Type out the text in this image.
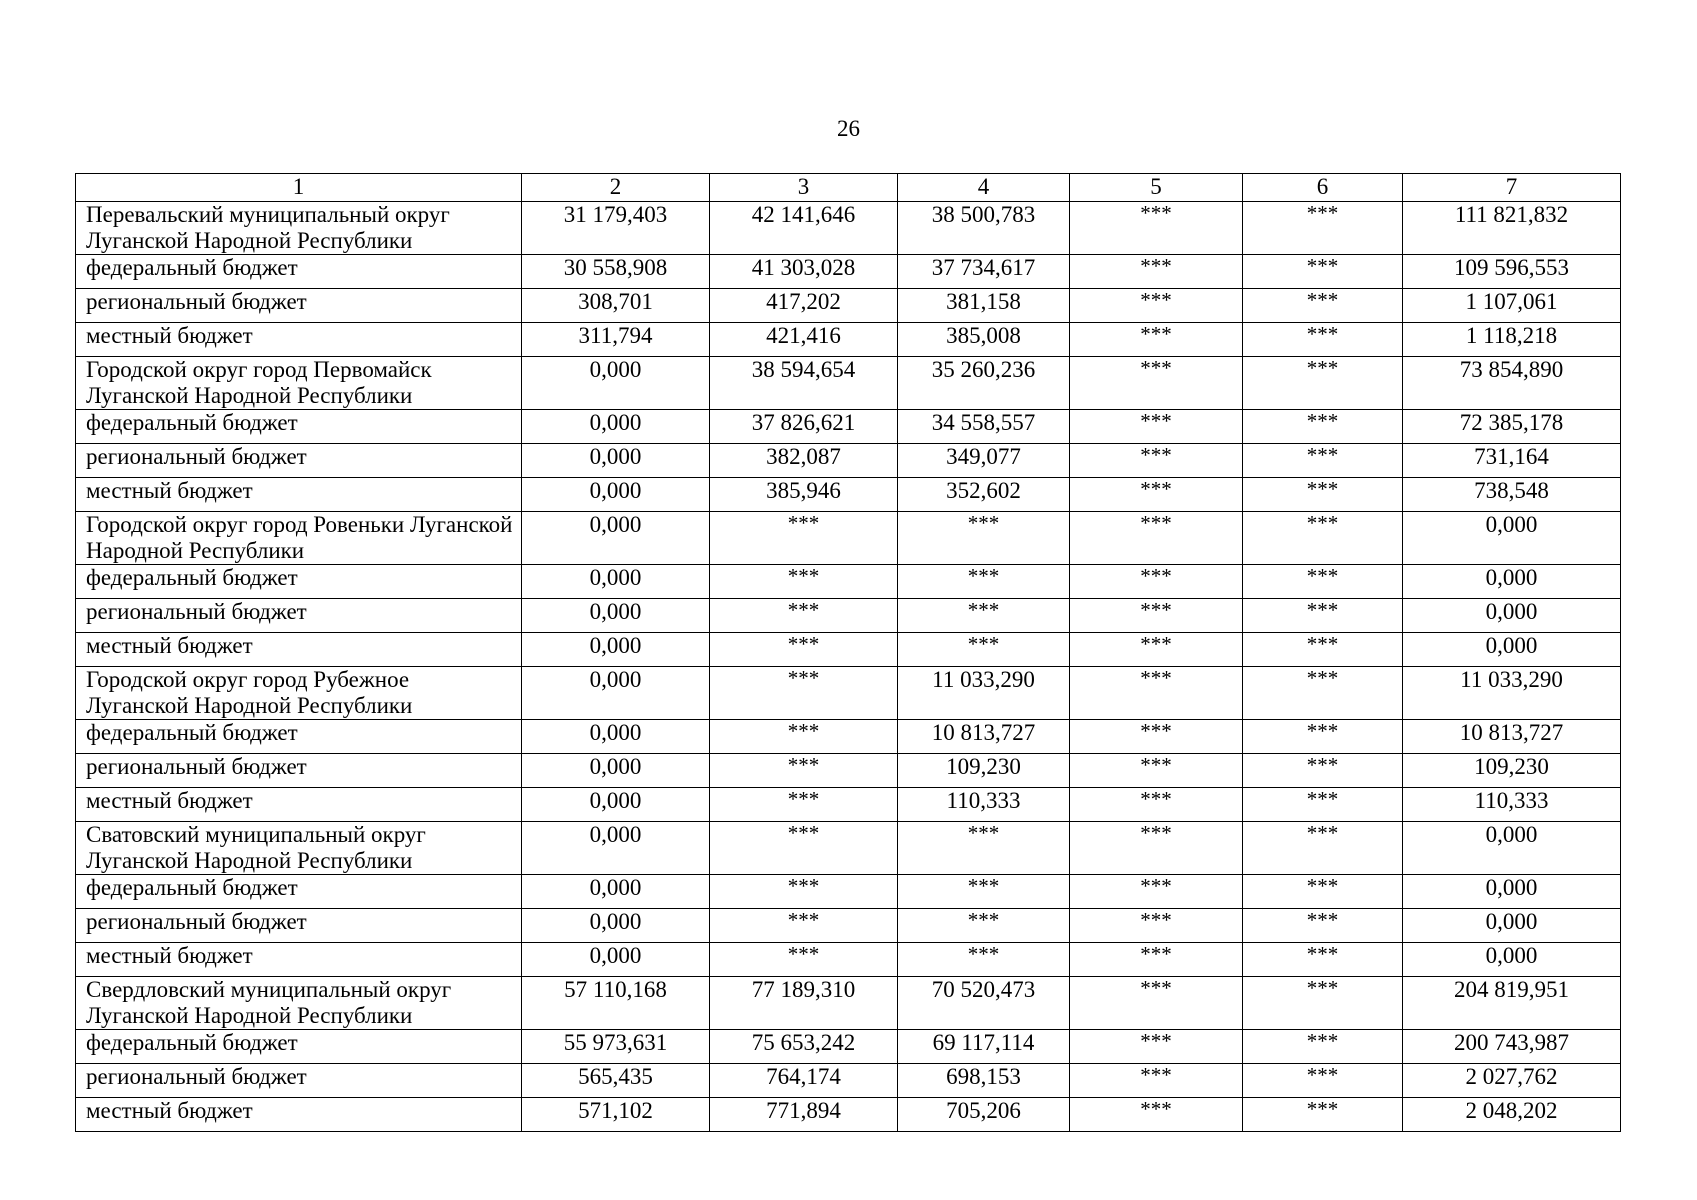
26
1	2	3	4	5	6	7
Перевальский муниципальный округ Луганской Народной Республики	31 179,403	42 141,646	38 500,783	***	***	111 821,832
федеральный бюджет	30 558,908	41 303,028	37 734,617	***	***	109 596,553
региональный бюджет	308,701	417,202	381,158	***	***	1 107,061
местный бюджет	311,794	421,416	385,008	***	***	1 118,218
Городской округ город Первомайск Луганской Народной Республики	0,000	38 594,654	35 260,236	***	***	73 854,890
федеральный бюджет	0,000	37 826,621	34 558,557	***	***	72 385,178
региональный бюджет	0,000	382,087	349,077	***	***	731,164
местный бюджет	0,000	385,946	352,602	***	***	738,548
Городской округ город Ровеньки Луганской Народной Республики	0,000	***	***	***	***	0,000
федеральный бюджет	0,000	***	***	***	***	0,000
региональный бюджет	0,000	***	***	***	***	0,000
местный бюджет	0,000	***	***	***	***	0,000
Городской округ город Рубежное Луганской Народной Республики	0,000	***	11 033,290	***	***	11 033,290
федеральный бюджет	0,000	***	10 813,727	***	***	10 813,727
региональный бюджет	0,000	***	109,230	***	***	109,230
местный бюджет	0,000	***	110,333	***	***	110,333
Сватовский муниципальный округ Луганской Народной Республики	0,000	***	***	***	***	0,000
федеральный бюджет	0,000	***	***	***	***	0,000
региональный бюджет	0,000	***	***	***	***	0,000
местный бюджет	0,000	***	***	***	***	0,000
Свердловский муниципальный округ Луганской Народной Республики	57 110,168	77 189,310	70 520,473	***	***	204 819,951
федеральный бюджет	55 973,631	75 653,242	69 117,114	***	***	200 743,987
региональный бюджет	565,435	764,174	698,153	***	***	2 027,762
местный бюджет	571,102	771,894	705,206	***	***	2 048,202
